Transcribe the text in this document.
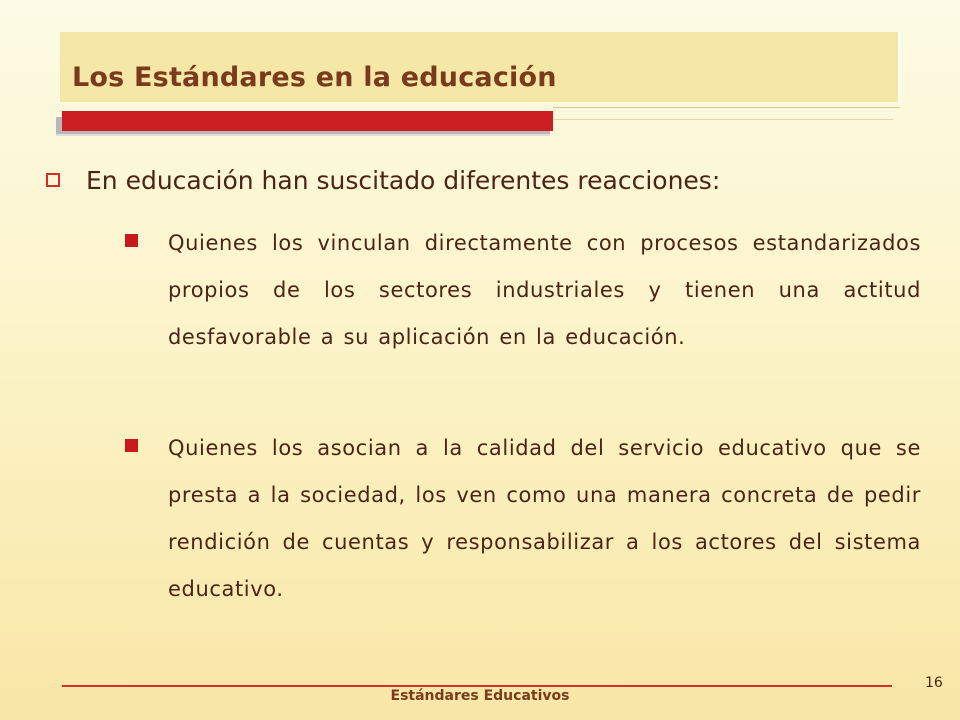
Los Estándares en la educación
En educación han suscitado diferentes reacciones:
Quienes los vinculan directamente con procesos estandarizados propios de los sectores industriales y tienen una actitud desfavorable a su aplicación en la educación.
Quienes los asocian a la calidad del servicio educativo que se presta a la sociedad, los ven como una manera concreta de pedir rendición de cuentas y responsabilizar a los actores del sistema educativo.
Estándares Educativos
16
